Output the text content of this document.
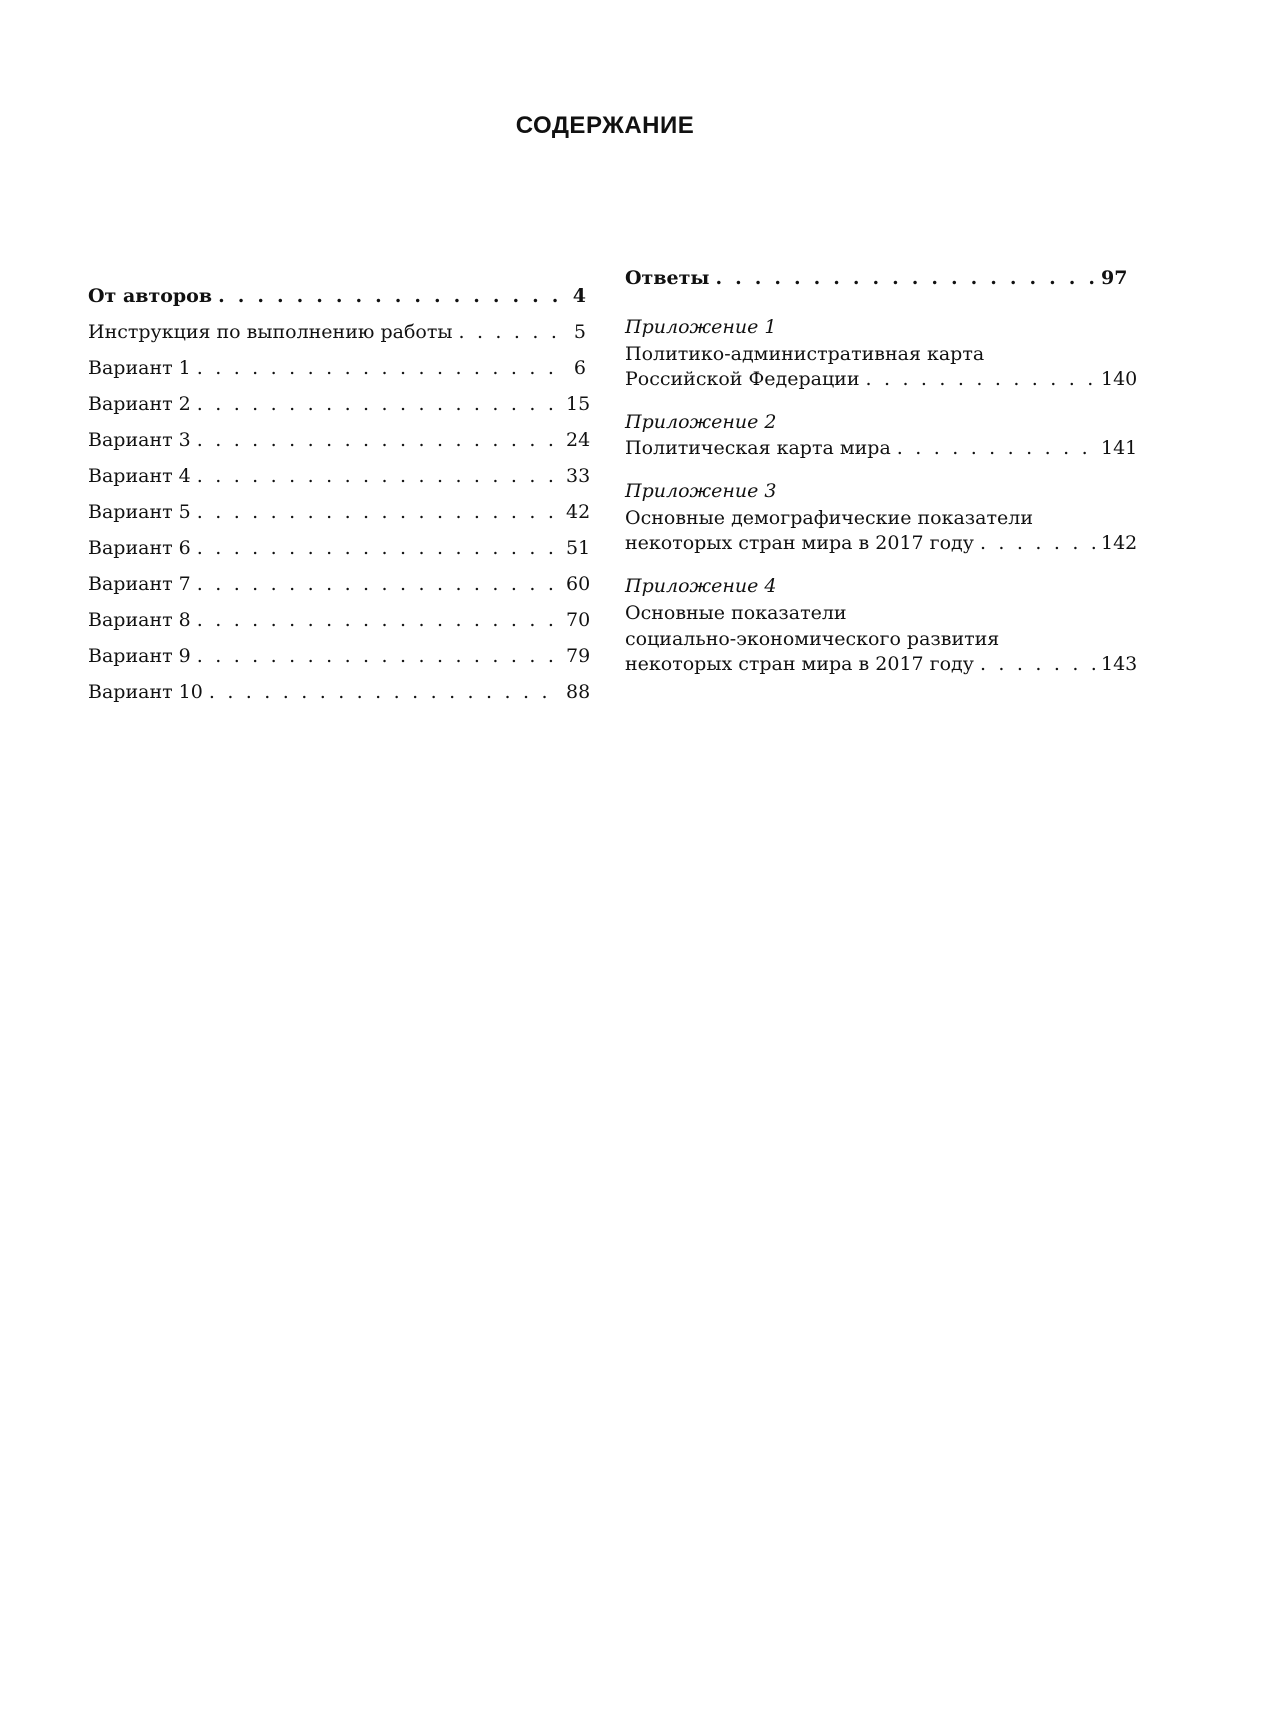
СОДЕРЖАНИЕ
От авторов . . .	4
Инструкция по выполнению работы . . .	5
Вариант 1 . . .	6
Вариант 2 . . .	15
Вариант 3 . . .	24
Вариант 4 . . .	33
Вариант 5 . . .	42
Вариант 6 . . .	51
Вариант 7 . . .	60
Вариант 8 . . .	70
Вариант 9 . . .	79
Вариант 10 . . .	88
Ответы . . .	97
Приложение 1
Политико-административная карта
Российской Федерации . . .	140
Приложение 2
Политическая карта мира . . .	141
Приложение 3
Основные демографические показатели
некоторых стран мира в 2017 году . . .	142
Приложение 4
Основные показатели
социально-экономического развития
некоторых стран мира в 2017 году . . .	143
